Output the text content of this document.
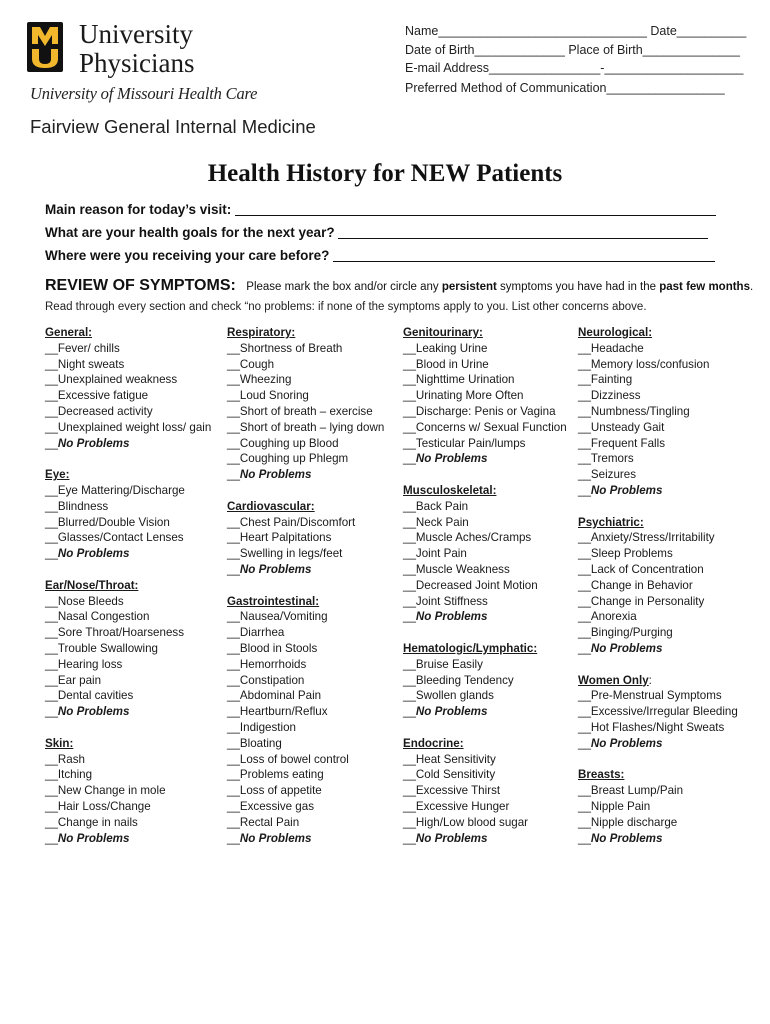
University
Physicians
University of Missouri Health Care
Fairview General Internal Medicine
Name______________________________ Date__________
Date of Birth_____________ Place of Birth______________
E-mail Address________________-____________________
Preferred Method of Communication_________________
Health History for NEW Patients
Main reason for today’s visit:
What are your health goals for the next year?
Where were you receiving your care before?
REVIEW OF SYMPTOMS: Please mark the box and/or circle any persistent symptoms you have had in the past few months.
Read through every section and check “no problems: if none of the symptoms apply to you. List other concerns above.
General:
__Fever/ chills
__Night sweats
__Unexplained weakness
__Excessive fatigue
__Decreased activity
__Unexplained weight loss/ gain
__No Problems
Eye:
__Eye Mattering/Discharge
__Blindness
__Blurred/Double Vision
__Glasses/Contact Lenses
__No Problems
Ear/Nose/Throat:
__Nose Bleeds
__Nasal Congestion
__Sore Throat/Hoarseness
__Trouble Swallowing
__Hearing loss
__Ear pain
__Dental cavities
__No Problems
Skin:
__Rash
__Itching
__New Change in mole
__Hair Loss/Change
__Change in nails
__No Problems
Respiratory:
__Shortness of Breath
__Cough
__Wheezing
__Loud Snoring
__Short of breath – exercise
__Short of breath – lying down
__Coughing up Blood
__Coughing up Phlegm
__No Problems
Cardiovascular:
__Chest Pain/Discomfort
__Heart Palpitations
__Swelling in legs/feet
__No Problems
Gastrointestinal:
__Nausea/Vomiting
__Diarrhea
__Blood in Stools
__Hemorrhoids
__Constipation
__Abdominal Pain
__Heartburn/Reflux
__Indigestion
__Bloating
__Loss of bowel control
__Problems eating
__Loss of appetite
__Excessive gas
__Rectal Pain
__No Problems
Genitourinary:
__Leaking Urine
__Blood in Urine
__Nighttime Urination
__Urinating More Often
__Discharge: Penis or Vagina
__Concerns w/ Sexual Function
__Testicular Pain/lumps
__No Problems
Musculoskeletal:
__Back Pain
__Neck Pain
__Muscle Aches/Cramps
__Joint Pain
__Muscle Weakness
__Decreased Joint Motion
__Joint Stiffness
__No Problems
Hematologic/Lymphatic:
__Bruise Easily
__Bleeding Tendency
__Swollen glands
__No Problems
Endocrine:
__Heat Sensitivity
__Cold Sensitivity
__Excessive Thirst
__Excessive Hunger
__High/Low blood sugar
__No Problems
Neurological:
__Headache
__Memory loss/confusion
__Fainting
__Dizziness
__Numbness/Tingling
__Unsteady Gait
__Frequent Falls
__Tremors
__Seizures
__No Problems
Psychiatric:
__Anxiety/Stress/Irritability
__Sleep Problems
__Lack of Concentration
__Change in Behavior
__Change in Personality
__Anorexia
__Binging/Purging
__No Problems
Women Only:
__Pre-Menstrual Symptoms
__Excessive/Irregular Bleeding
__Hot Flashes/Night Sweats
__No Problems
Breasts:
__Breast Lump/Pain
__Nipple Pain
__Nipple discharge
__No Problems
